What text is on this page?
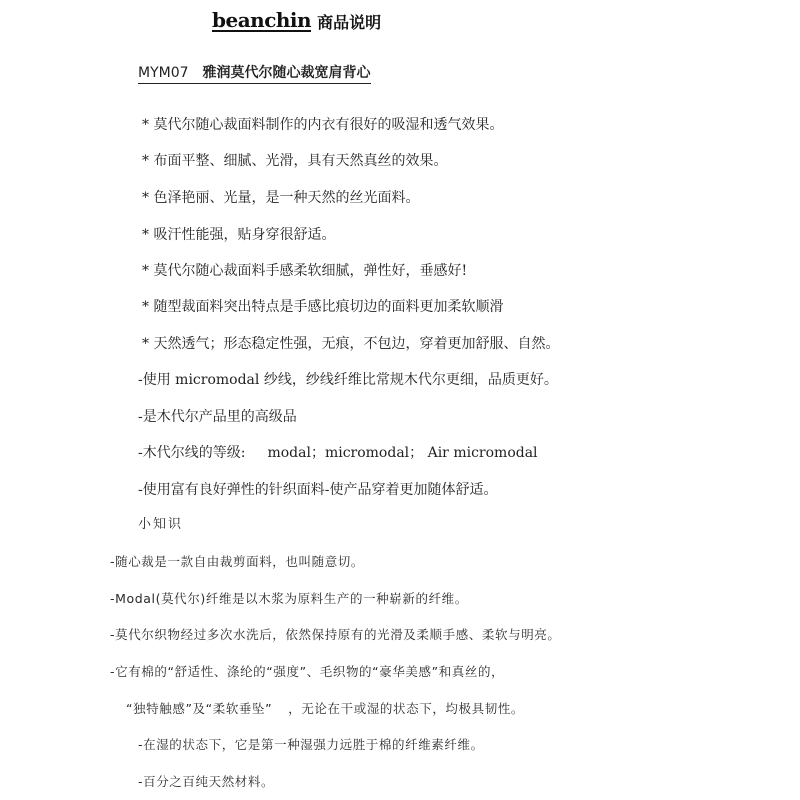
beanchin 商品说明
MYM07 雅润莫代尔随心裁宽肩背心
* 莫代尔随心裁面料制作的内衣有很好的吸湿和透气效果。
* 布面平整、细腻、光滑，具有天然真丝的效果。
* 色泽艳丽、光量，是一种天然的丝光面料。
* 吸汗性能强，贴身穿很舒适。
* 莫代尔随心裁面料手感柔软细腻，弹性好，垂感好!
* 随型裁面料突出特点是手感比痕切边的面料更加柔软顺滑
* 天然透气；形态稳定性强，无痕，不包边，穿着更加舒服、自然。
-使用 micromodal 纱线，纱线纤维比常规木代尔更细，品质更好。
-是木代尔产品里的高级品
-木代尔线的等级: modal；micromodal； Air micromodal
-使用富有良好弹性的针织面料-使产品穿着更加随体舒适。
小知识
-随心裁是一款自由裁剪面料，也叫随意切。
-Modal(莫代尔)纤维是以木浆为原料生产的一种崭新的纤维。
-莫代尔织物经过多次水洗后，依然保持原有的光滑及柔顺手感、柔软与明亮。
-它有棉的“舒适性、涤纶的“强度”、毛织物的“豪华美感”和真丝的，
“独特触感”及“柔软垂坠” ，无论在干或湿的状态下，均极具韧性。
-在湿的状态下，它是第一种湿强力远胜于棉的纤维素纤维。
-百分之百纯天然材料。
